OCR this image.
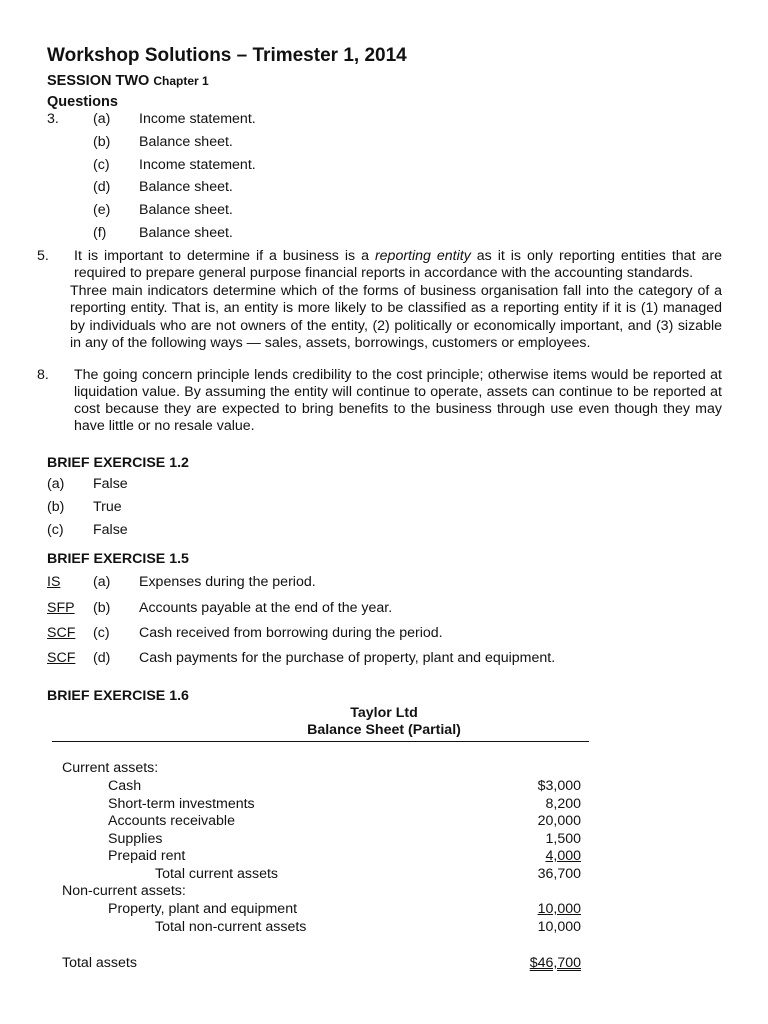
Workshop Solutions – Trimester 1, 2014
SESSION TWO Chapter 1
Questions
3. (a) Income statement.
(b) Balance sheet.
(c) Income statement.
(d) Balance sheet.
(e) Balance sheet.
(f) Balance sheet.
5. It is important to determine if a business is a reporting entity as it is only reporting entities that are
required to prepare general purpose financial reports in accordance with the accounting standards.
Three main indicators determine which of the forms of business organisation fall into the category of a
reporting entity. That is, an entity is more likely to be classified as a reporting entity if it is (1) managed
by individuals who are not owners of the entity, (2) politically or economically important, and (3) sizable
in any of the following ways — sales, assets, borrowings, customers or employees.
8. The going concern principle lends credibility to the cost principle; otherwise items would be reported at
liquidation value. By assuming the entity will continue to operate, assets can continue to be reported at
cost because they are expected to bring benefits to the business through use even though they may
have little or no resale value.
BRIEF EXERCISE 1.2
(a) False
(b) True
(c) False
BRIEF EXERCISE 1.5
IS (a) Expenses during the period.
SFP (b) Accounts payable at the end of the year.
SCF (c) Cash received from borrowing during the period.
SCF (d) Cash payments for the purchase of property, plant and equipment.
BRIEF EXERCISE 1.6
Taylor Ltd
Balance Sheet (Partial)
Current assets:
Cash	$3,000
Short-term investments	8,200
Accounts receivable	20,000
Supplies	1,500
Prepaid rent	4,000
Total current assets	36,700
Non-current assets:
Property, plant and equipment	10,000
Total non-current assets	10,000
Total assets	$46,700
